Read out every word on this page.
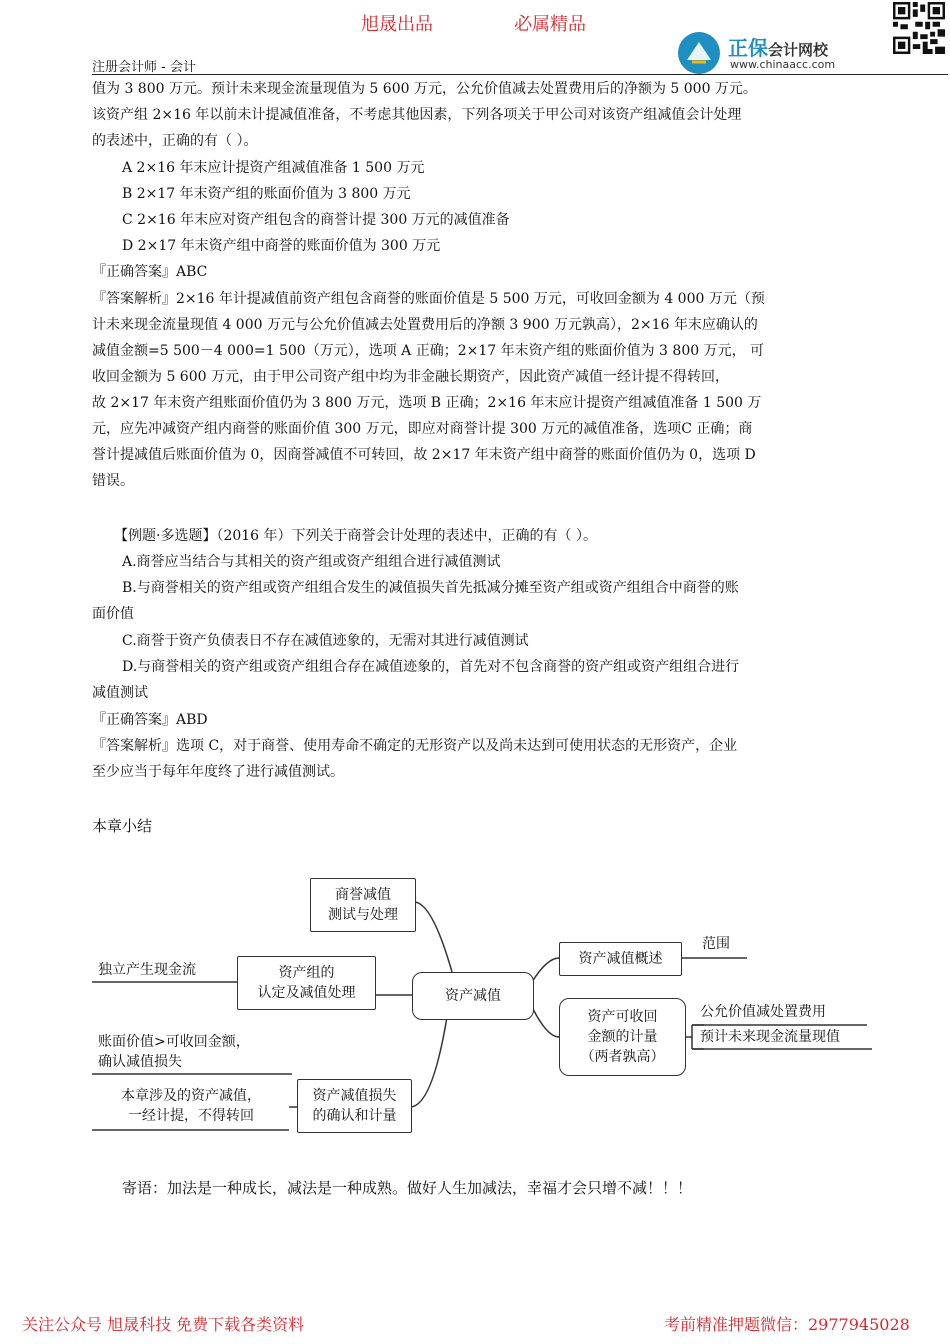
旭晟出品	必属精品
注册会计师 - 会计
正保会计网校
www.chinaacc.com
值为 3 800 万元。预计未来现金流量现值为 5 600 万元，公允价值减去处置费用后的净额为 5 000 万元。
该资产组 2×16 年以前未计提减值准备，不考虑其他因素，下列各项关于甲公司对该资产组减值会计处理
的表述中，正确的有（ ）。
A 2×16 年末应计提资产组减值准备 1 500 万元
B 2×17 年末资产组的账面价值为 3 800 万元
C 2×16 年末应对资产组包含的商誉计提 300 万元的减值准备
D 2×17 年末资产组中商誉的账面价值为 300 万元
『正确答案』ABC
『答案解析』2×16 年计提减值前资产组包含商誉的账面价值是 5 500 万元，可收回金额为 4 000 万元（预
计未来现金流量现值 4 000 万元与公允价值减去处置费用后的净额 3 900 万元孰高），2×16 年末应确认的
减值金额=5 500－4 000=1 500（万元），选项 A 正确；2×17 年末资产组的账面价值为 3 800 万元， 可
收回金额为 5 600 万元，由于甲公司资产组中均为非金融长期资产，因此资产减值一经计提不得转回，
故 2×17 年末资产组账面价值仍为 3 800 万元，选项 B 正确；2×16 年末应计提资产组减值准备 1 500 万
元，应先冲减资产组内商誉的账面价值 300 万元，即应对商誉计提 300 万元的减值准备，选项C 正确；商
誉计提减值后账面价值为 0，因商誉减值不可转回，故 2×17 年末资产组中商誉的账面价值仍为 0，选项 D
错误。
【例题·多选题】（2016 年）下列关于商誉会计处理的表述中，正确的有（ ）。
A.商誉应当结合与其相关的资产组或资产组组合进行减值测试
B.与商誉相关的资产组或资产组组合发生的减值损失首先抵减分摊至资产组或资产组组合中商誉的账
面价值
C.商誉于资产负债表日不存在减值迹象的，无需对其进行减值测试
D.与商誉相关的资产组或资产组组合存在减值迹象的，首先对不包含商誉的资产组或资产组组合进行
减值测试
『正确答案』ABD
『答案解析』选项 C，对于商誉、使用寿命不确定的无形资产以及尚未达到可使用状态的无形资产，企业
至少应当于每年年度终了进行减值测试。
本章小结
资产减值
商誉减值
测试与处理
资产组的
认定及减值处理
独立产生现金流
资产减值概述
范围
资产可收回
金额的计量
（两者孰高）
公允价值减处置费用
预计未来现金流量现值
资产减值损失
的确认和计量
账面价值>可收回金额，
确认减值损失
本章涉及的资产减值，
一经计提，不得转回
寄语：加法是一种成长，减法是一种成熟。做好人生加减法，幸福才会只增不减！！！
关注公众号 旭晟科技 免费下载各类资料	考前精准押题微信：2977945028
